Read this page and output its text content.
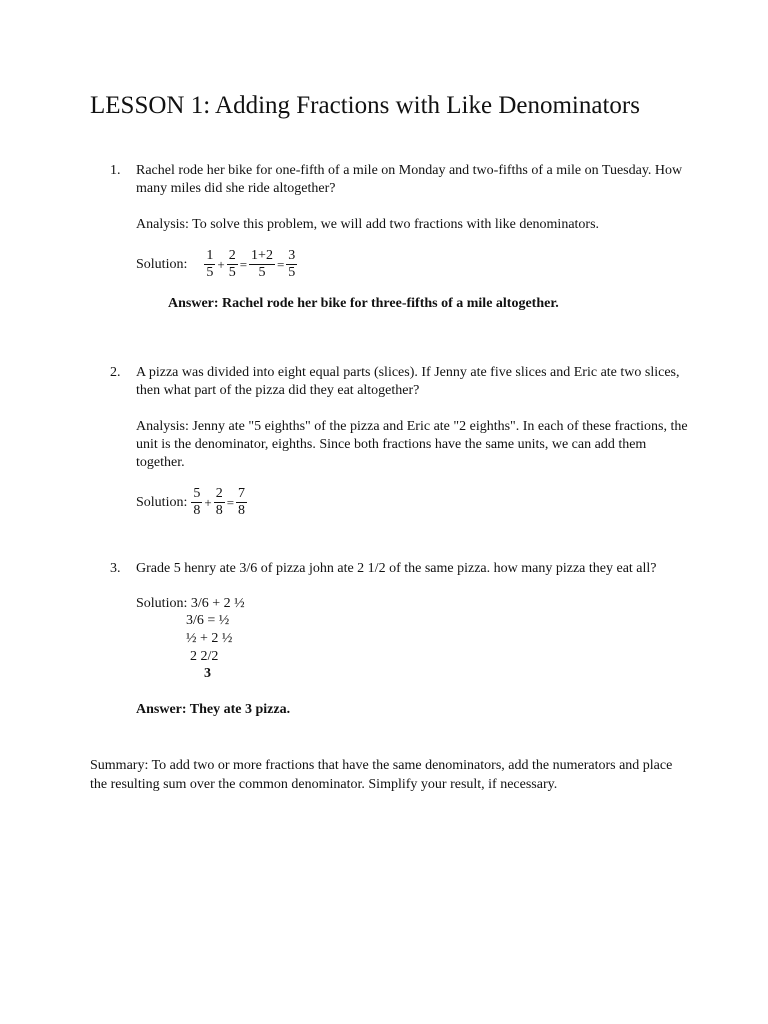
LESSON 1: Adding Fractions with Like Denominators
1. Rachel rode her bike for one-fifth of a mile on Monday and two-fifths of a mile on Tuesday. How many miles did she ride altogether?

Analysis: To solve this problem, we will add two fractions with like denominators.

Solution: $\frac{1}{5} + \frac{2}{5} = \frac{1+2}{5} = \frac{3}{5}$

Answer: Rachel rode her bike for three-fifths of a mile altogether.

2. A pizza was divided into eight equal parts (slices). If Jenny ate five slices and Eric ate two slices, then what part of the pizza did they eat altogether?

Analysis: Jenny ate "5 eighths" of the pizza and Eric ate "2 eighths". In each of these fractions, the unit is the denominator, eighths. Since both fractions have the same units, we can add them together.

Solution: $\frac{5}{8} + \frac{2}{8} = \frac{7}{8}$
3. Grade 5 henry ate 3/6 of pizza john ate 2 1/2 of the same pizza. how many pizza they eat all?

Solution: 3/6 + 2 ½
3/6 = ½
½ + 2 ½
2 2/2
3
Answer: They ate 3 pizza.

Summary: To add two or more fractions that have the same denominators, add the numerators and place the resulting sum over the common denominator. Simplify your result, if necessary.
